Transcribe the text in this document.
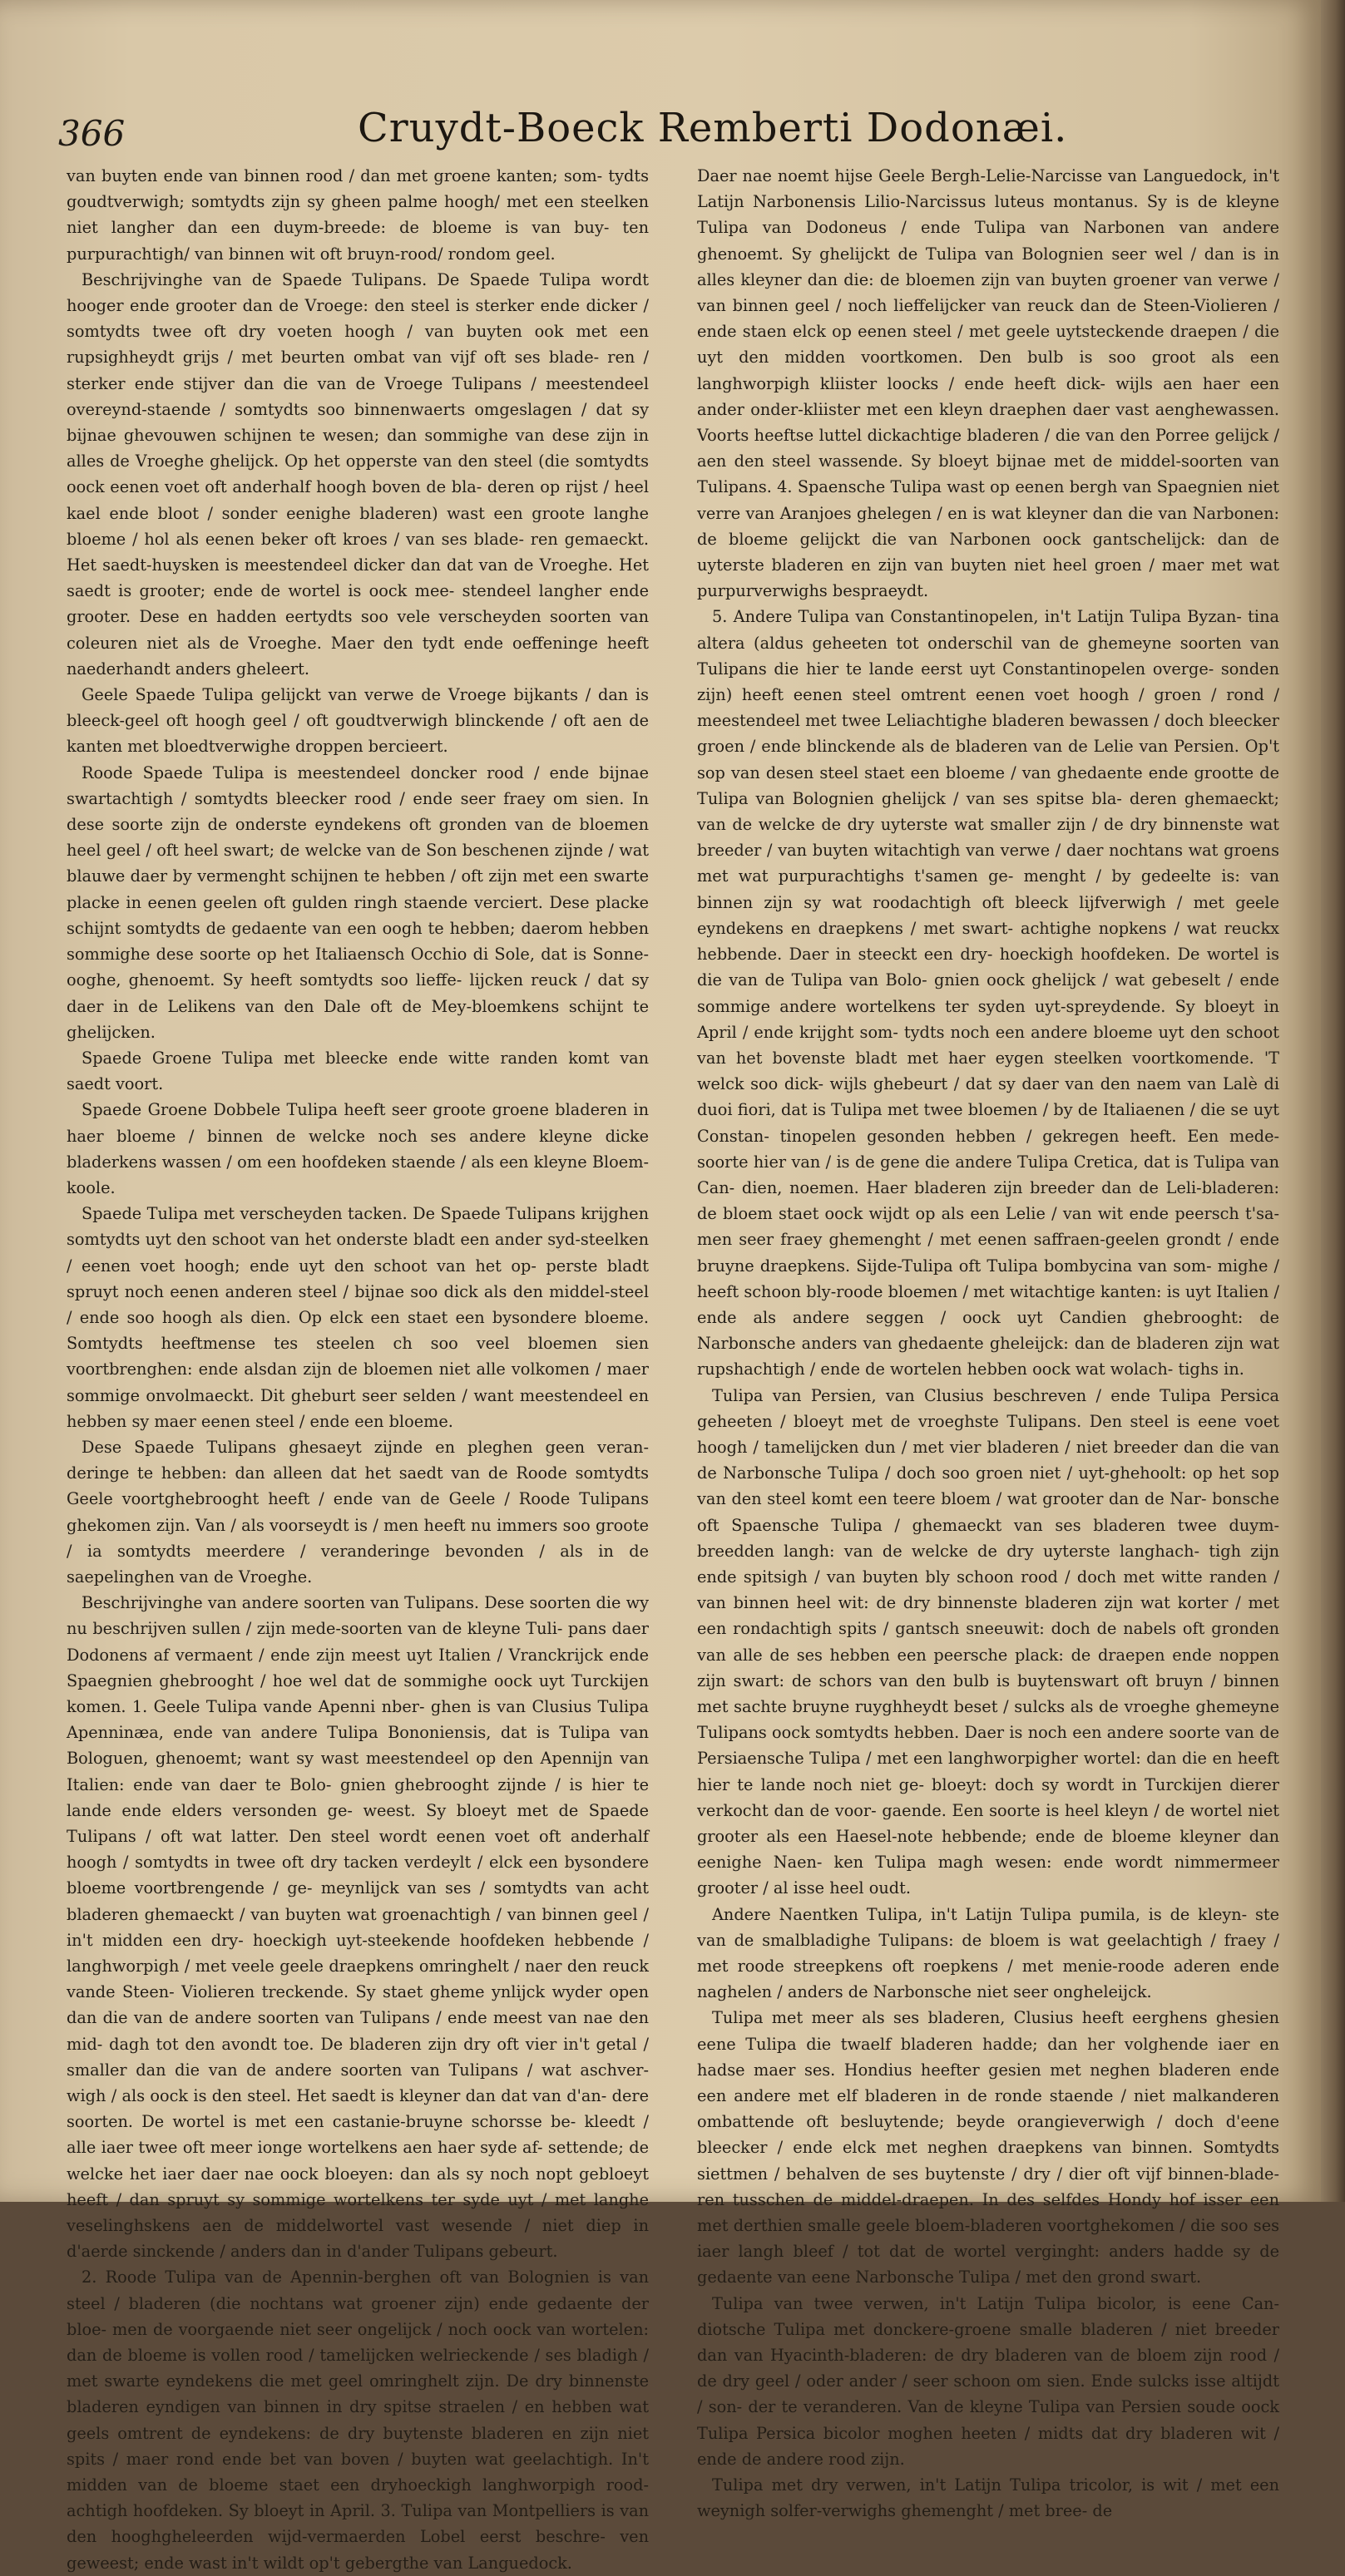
366	Cruydt-Boeck Remberti Dodonæi.

van buyten ende van binnen rood / dan met groene kanten; som- tydts goudtverwigh; somtydts zijn sy gheen palme hoogh/ met een steelken niet langher dan een duym-breede: de bloeme is van buy- ten purpurachtigh/ van binnen wit oft bruyn-rood/ rondom geel.

Beschrijvinghe van de Spaede Tulipans. De Spaede Tulipa wordt hooger ende grooter dan de Vroege: den steel is sterker ende dicker / somtydts twee oft dry voeten hoogh / van buyten ook met een rupsighheydt grijs / met beurten ombat van vijf oft ses blade- ren / sterker ende stijver dan die van de Vroege Tulipans / meestendeel overeynd-staende / somtydts soo binnenwaerts omgeslagen / dat sy bijnae ghevouwen schijnen te wesen; dan sommighe van dese zijn in alles de Vroeghe ghelijck. Op het opperste van den steel (die somtydts oock eenen voet oft anderhalf hoogh boven de bla- deren op rijst / heel kael ende bloot / sonder eenighe bladeren) wast een groote langhe bloeme / hol als eenen beker oft kroes / van ses blade- ren gemaeckt. Het saedt-huysken is meestendeel dicker dan dat van de Vroeghe. Het saedt is grooter; ende de wortel is oock mee- stendeel langher ende grooter. Dese en hadden eertydts soo vele verscheyden soorten van coleuren niet als de Vroeghe. Maer den tydt ende oeffeninge heeft naederhandt anders gheleert.

Geele Spaede Tulipa gelijckt van verwe de Vroege bijkants / dan is bleeck-geel oft hoogh geel / oft goudtverwigh blinckende / oft aen de kanten met bloedtverwighe droppen bercieert.

Roode Spaede Tulipa is meestendeel doncker rood / ende bijnae swartachtigh / somtydts bleecker rood / ende seer fraey om sien. In dese soorte zijn de onderste eyndekens oft gronden van de bloemen heel geel / oft heel swart; de welcke van de Son beschenen zijnde / wat blauwe daer by vermenght schijnen te hebben / oft zijn met een swarte placke in eenen geelen oft gulden ringh staende verciert. Dese placke schijnt somtydts de gedaente van een oogh te hebben; daerom hebben sommighe dese soorte op het Italiaensch Occhio di Sole, dat is Sonne-ooghe, ghenoemt. Sy heeft somtydts soo lieffe- lijcken reuck / dat sy daer in de Lelikens van den Dale oft de Mey-bloemkens schijnt te ghelijcken.

Spaede Groene Tulipa met bleecke ende witte randen komt van saedt voort.

Spaede Groene Dobbele Tulipa heeft seer groote groene bladeren in haer bloeme / binnen de welcke noch ses andere kleyne dicke bladerkens wassen / om een hoofdeken staende / als een kleyne Bloem-koole.

Spaede Tulipa met verscheyden tacken. De Spaede Tulipans krijghen somtydts uyt den schoot van het onderste bladt een ander syd-steelken / eenen voet hoogh; ende uyt den schoot van het op- perste bladt spruyt noch eenen anderen steel / bijnae soo dick als den middel-steel / ende soo hoogh als dien. Op elck een staet een bysondere bloeme. Somtydts heeftmense tes steelen ch soo veel bloemen sien voortbrenghen: ende alsdan zijn de bloemen niet alle volkomen / maer sommige onvolmaeckt. Dit gheburt seer selden / want meestendeel en hebben sy maer eenen steel / ende een bloeme.

Dese Spaede Tulipans ghesaeyt zijnde en pleghen geen veran- deringe te hebben: dan alleen dat het saedt van de Roode somtydts Geele voortghebrooght heeft / ende van de Geele / Roode Tulipans ghekomen zijn. Van / als voorseydt is / men heeft nu immers soo groote / ia somtydts meerdere / veranderinge bevonden / als in de saepelinghen van de Vroeghe.

Beschrijvinghe van andere soorten van Tulipans. Dese soorten die wy nu beschrijven sullen / zijn mede-soorten van de kleyne Tuli- pans daer Dodonens af vermaent / ende zijn meest uyt Italien / Vranckrijck ende Spaegnien ghebrooght / hoe wel dat de sommighe oock uyt Turckijen komen. 1. Geele Tulipa vande Apenni nber- ghen is van Clusius Tulipa Apenninæa, ende van andere Tulipa Bononiensis, dat is Tulipa van Bologuen, ghenoemt; want sy wast meestendeel op den Apennijn van Italien: ende van daer te Bolo- gnien ghebrooght zijnde / is hier te lande ende elders versonden ge- weest. Sy bloeyt met de Spaede Tulipans / oft wat latter. Den steel wordt eenen voet oft anderhalf hoogh / somtydts in twee oft dry tacken verdeylt / elck een bysondere bloeme voortbrengende / ge- meynlijck van ses / somtydts van acht bladeren ghemaeckt / van buyten wat groenachtigh / van binnen geel / in't midden een dry- hoeckigh uyt-steekende hoofdeken hebbende / langhworpigh / met veele geele draepkens omringhelt / naer den reuck vande Steen- Violieren treckende. Sy staet gheme ynlijck wyder open dan die van de andere soorten van Tulipans / ende meest van nae den mid- dagh tot den avondt toe. De bladeren zijn dry oft vier in't getal / smaller dan die van de andere soorten van Tulipans / wat aschver- wigh / als oock is den steel. Het saedt is kleyner dan dat van d'an- dere soorten. De wortel is met een castanie-bruyne schorsse be- kleedt / alle iaer twee oft meer ionge wortelkens aen haer syde af- settende; de welcke het iaer daer nae oock bloeyen: dan als sy noch nopt gebloeyt heeft / dan spruyt sy sommige wortelkens ter syde uyt / met langhe veselinghskens aen de middelwortel vast wesende / niet diep in d'aerde sinckende / anders dan in d'ander Tulipans gebeurt.

2. Roode Tulipa van de Apennin-berghen oft van Bolognien is van steel / bladeren (die nochtans wat groener zijn) ende gedaente der bloe- men de voorgaende niet seer ongelijck / noch oock van wortelen: dan de bloeme is vollen rood / tamelijcken welrieckende / ses bladigh / met swarte eyndekens die met geel omringhelt zijn. De dry binnenste bladeren eyndigen van binnen in dry spitse straelen / en hebben wat geels omtrent de eyndekens: de dry buytenste bladeren en zijn niet spits / maer rond ende bet van boven / buyten wat geelachtigh. In't midden van de bloeme staet een dryhoeckigh langhworpigh rood- achtigh hoofdeken. Sy bloeyt in April. 3. Tulipa van Montpelliers is van den hooghgheleerden wijd-vermaerden Lobel eerst beschre- ven geweest; ende wast in't wildt op't gebergthe van Languedock.

Daer nae noemt hijse Geele Bergh-Lelie-Narcisse van Languedock, in't Latijn Narbonensis Lilio-Narcissus luteus montanus. Sy is de kleyne Tulipa van Dodoneus / ende Tulipa van Narbonen van andere ghenoemt. Sy ghelijckt de Tulipa van Bolognien seer wel / dan is in alles kleyner dan die: de bloemen zijn van buyten groener van verwe / van binnen geel / noch lieffelijcker van reuck dan de Steen-Violieren / ende staen elck op eenen steel / met geele uytsteckende draepen / die uyt den midden voortkomen. Den bulb is soo groot als een langhworpigh kliister loocks / ende heeft dick- wijls aen haer een ander onder-kliister met een kleyn draephen daer vast aenghewassen. Voorts heeftse luttel dickachtige bladeren / die van den Porree gelijck / aen den steel wassende. Sy bloeyt bijnae met de middel-soorten van Tulipans. 4. Spaensche Tulipa wast op eenen bergh van Spaegnien niet verre van Aranjoes ghelegen / en is wat kleyner dan die van Narbonen: de bloeme gelijckt die van Narbonen oock gantschelijck: dan de uyterste bladeren en zijn van buyten niet heel groen / maer met wat purpurverwighs bespraeydt.

5. Andere Tulipa van Constantinopelen, in't Latijn Tulipa Byzan- tina altera (aldus geheeten tot onderschil van de ghemeyne soorten van Tulipans die hier te lande eerst uyt Constantinopelen overge- sonden zijn) heeft eenen steel omtrent eenen voet hoogh / groen / rond / meestendeel met twee Leliachtighe bladeren bewassen / doch bleecker groen / ende blinckende als de bladeren van de Lelie van Persien. Op't sop van desen steel staet een bloeme / van ghedaente ende grootte de Tulipa van Bolognien ghelijck / van ses spitse bla- deren ghemaeckt; van de welcke de dry uyterste wat smaller zijn / de dry binnenste wat breeder / van buyten witachtigh van verwe / daer nochtans wat groens met wat purpurachtighs t'samen ge- menght / by gedeelte is: van binnen zijn sy wat roodachtigh oft bleeck lijfverwigh / met geele eyndekens en draepkens / met swart- achtighe nopkens / wat reuckx hebbende. Daer in steeckt een dry- hoeckigh hoofdeken. De wortel is die van de Tulipa van Bolo- gnien oock ghelijck / wat gebeselt / ende sommige andere wortelkens ter syden uyt-spreydende. Sy bloeyt in April / ende krijght som- tydts noch een andere bloeme uyt den schoot van het bovenste bladt met haer eygen steelken voortkomende. 'T welck soo dick- wijls ghebeurt / dat sy daer van den naem van Lalè di duoi fiori, dat is Tulipa met twee bloemen / by de Italiaenen / die se uyt Constan- tinopelen gesonden hebben / gekregen heeft. Een mede-soorte hier van / is de gene die andere Tulipa Cretica, dat is Tulipa van Can- dien, noemen. Haer bladeren zijn breeder dan de Leli-bladeren: de bloem staet oock wijdt op als een Lelie / van wit ende peersch t'sa- men seer fraey ghemenght / met eenen saffraen-geelen grondt / ende bruyne draepkens. Sijde-Tulipa oft Tulipa bombycina van som- mighe / heeft schoon bly-roode bloemen / met witachtige kanten: is uyt Italien / ende als andere seggen / oock uyt Candien ghebrooght: de Narbonsche anders van ghedaente gheleijck: dan de bladeren zijn wat rupshachtigh / ende de wortelen hebben oock wat wolach- tighs in.

Tulipa van Persien, van Clusius beschreven / ende Tulipa Persica geheeten / bloeyt met de vroeghste Tulipans. Den steel is eene voet hoogh / tamelijcken dun / met vier bladeren / niet breeder dan die van de Narbonsche Tulipa / doch soo groen niet / uyt-ghehoolt: op het sop van den steel komt een teere bloem / wat grooter dan de Nar- bonsche oft Spaensche Tulipa / ghemaeckt van ses bladeren twee duym-breedden langh: van de welcke de dry uyterste langhach- tigh zijn ende spitsigh / van buyten bly schoon rood / doch met witte randen / van binnen heel wit: de dry binnenste bladeren zijn wat korter / met een rondachtigh spits / gantsch sneeuwit: doch de nabels oft gronden van alle de ses hebben een peersche plack: de draepen ende noppen zijn swart: de schors van den bulb is buytenswart oft bruyn / binnen met sachte bruyne ruyghheydt beset / sulcks als de vroeghe ghemeyne Tulipans oock somtydts hebben. Daer is noch een andere soorte van de Persiaensche Tulipa / met een langhworpigher wortel: dan die en heeft hier te lande noch niet ge- bloeyt: doch sy wordt in Turckijen dierer verkocht dan de voor- gaende. Een soorte is heel kleyn / de wortel niet grooter als een Haesel-note hebbende; ende de bloeme kleyner dan eenighe Naen- ken Tulipa magh wesen: ende wordt nimmermeer grooter / al isse heel oudt.

Andere Naentken Tulipa, in't Latijn Tulipa pumila, is de kleyn- ste van de smalbladighe Tulipans: de bloem is wat geelachtigh / fraey / met roode streepkens oft roepkens / met menie-roode aderen ende naghelen / anders de Narbonsche niet seer ongheleijck.

Tulipa met meer als ses bladeren, Clusius heeft eerghens ghesien eene Tulipa die twaelf bladeren hadde; dan her volghende iaer en hadse maer ses. Hondius heefter gesien met neghen bladeren ende een andere met elf bladeren in de ronde staende / niet malkanderen ombattende oft besluytende; beyde orangieverwigh / doch d'eene bleecker / ende elck met neghen draepkens van binnen. Somtydts siettmen / behalven de ses buytenste / dry / dier oft vijf binnen-blade- ren tusschen de middel-draepen. In des selfdes Hondy hof isser een met derthien smalle geele bloem-bladeren voortghekomen / die soo ses iaer langh bleef / tot dat de wortel verginght: anders hadde sy de gedaente van eene Narbonsche Tulipa / met den grond swart.

Tulipa van twee verwen, in't Latijn Tulipa bicolor, is eene Can- diotsche Tulipa met donckere-groene smalle bladeren / niet breeder dan van Hyacinth-bladeren: de dry bladeren van de bloem zijn rood / de dry geel / oder ander / seer schoon om sien. Ende sulcks isse altijdt / son- der te veranderen. Van de kleyne Tulipa van Persien soude oock Tulipa Persica bicolor moghen heeten / midts dat dry bladeren wit / ende de andere rood zijn.

Tulipa met dry verwen, in't Latijn Tulipa tricolor, is wit / met een weynigh solfer-verwighs ghemenght / met bree- de
